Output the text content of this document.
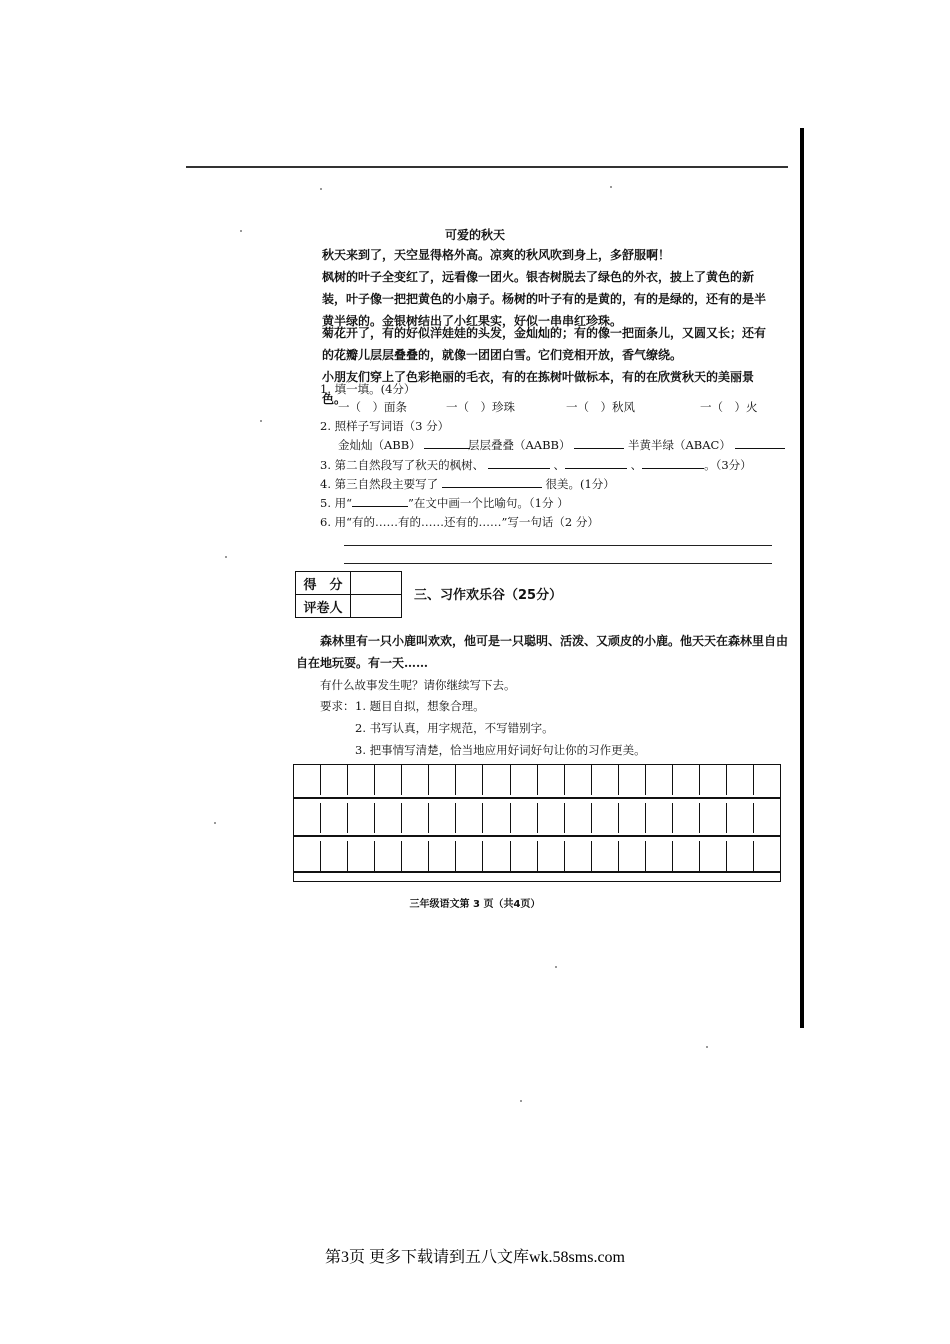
可爱的秋天
秋天来到了，天空显得格外高。凉爽的秋风吹到身上，多舒服啊！
枫树的叶子全变红了，远看像一团火。银杏树脱去了绿色的外衣，披上了黄色的新装，叶子像一把把黄色的小扇子。杨树的叶子有的是黄的，有的是绿的，还有的是半黄半绿的。金银树结出了小红果实，好似一串串红珍珠。
菊花开了，有的好似洋娃娃的头发，金灿灿的；有的像一把面条儿，又圆又长；还有的花瓣儿层层叠叠的，就像一团团白雪。它们竞相开放，香气缭绕。
小朋友们穿上了色彩艳丽的毛衣，有的在拣树叶做标本，有的在欣赏秋天的美丽景色。
1. 填一填。(4分）
一（　）面条	一（　）珍珠	一（　）秋风	一（　）火
2. 照样子写词语（3 分）
金灿灿（ABB）	层层叠叠（AABB）	半黄半绿（ABAC）
3. 第二自然段写了秋天的枫树、	、	、	。（3分）
4. 第三自然段主要写了	很美。(1分）
5. 用“	”在文中画一个比喻句。（1分 ）
6. 用“有的……有的……还有的……”写一句话（2 分）
得　分	
评卷人	
三、习作欢乐谷（25分）
森林里有一只小鹿叫欢欢，他可是一只聪明、活泼、又顽皮的小鹿。他天天在森林里自由
自在地玩耍。有一天……
有什么故事发生呢？请你继续写下去。
要求： 1. 题目自拟，想象合理。
2. 书写认真，用字规范，不写错别字。
3. 把事情写清楚，恰当地应用好词好句让你的习作更美。
三年级语文第 3 页（共4页）
第3页 更多下载请到五八文库wk.58sms.com
